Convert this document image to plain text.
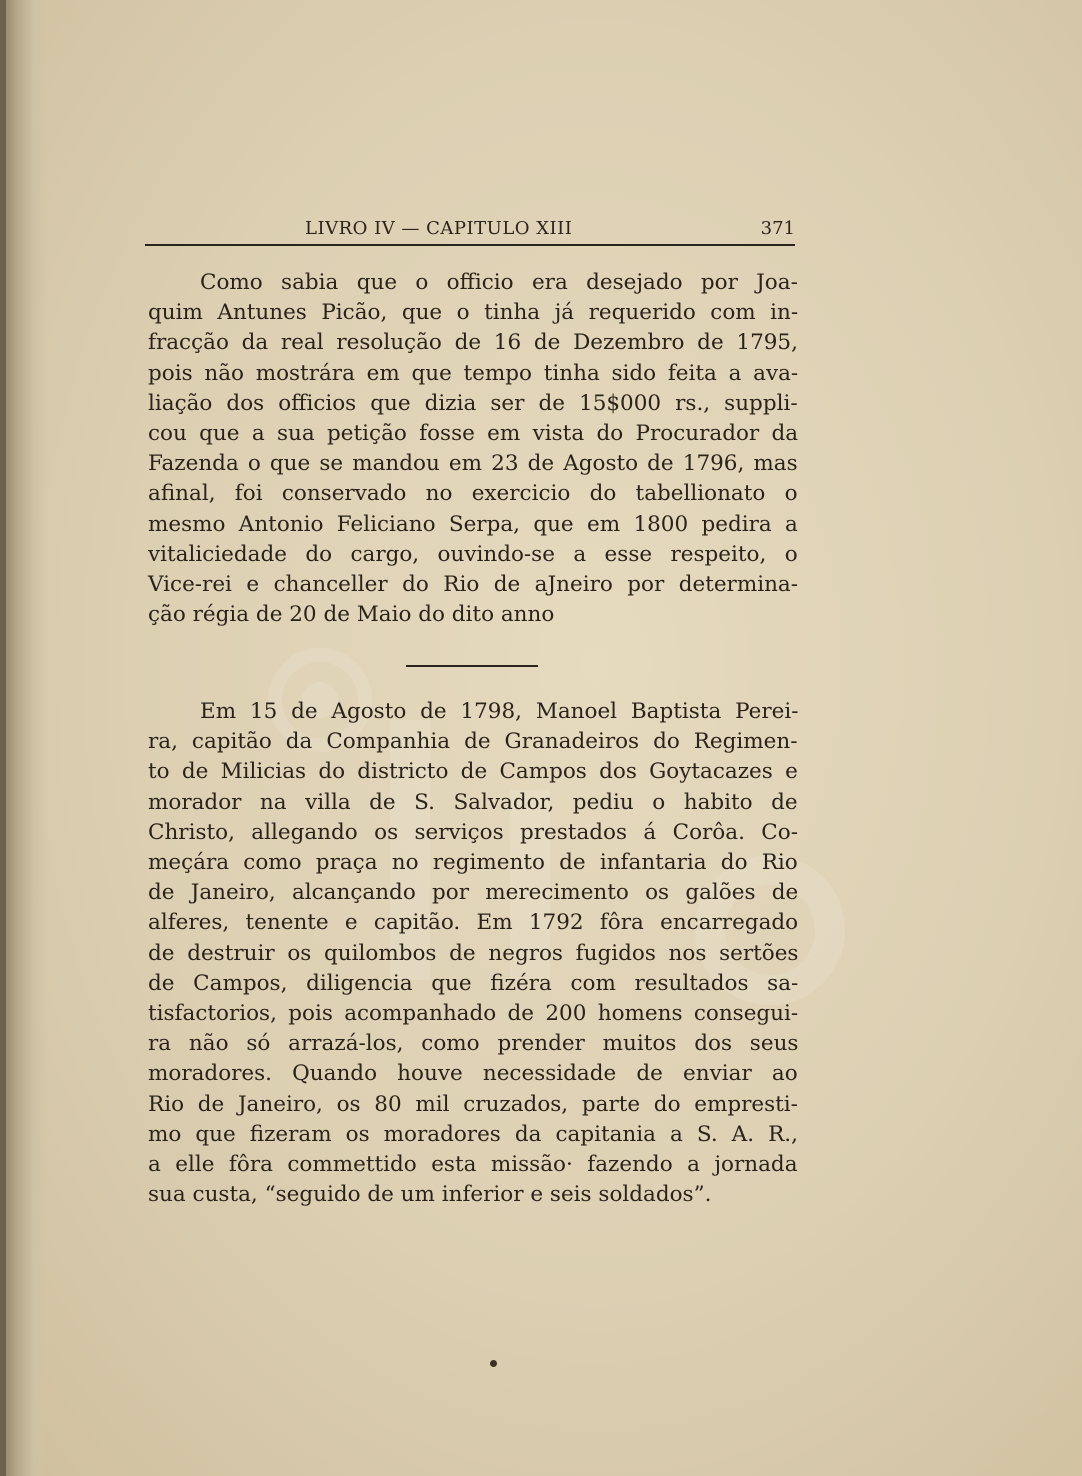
LIVRO IV — CAPITULO XIII	371

Como sabia que o officio era desejado por Joa-
quim Antunes Picão, que o tinha já requerido com in-
fracção da real resolução de 16 de Dezembro de 1795,
pois não mostrára em que tempo tinha sido feita a ava-
liação dos officios que dizia ser de 15$000 rs., suppli-
cou que a sua petição fosse em vista do Procurador da
Fazenda o que se mandou em 23 de Agosto de 1796, mas
afinal, foi conservado no exercicio do tabellionato o
mesmo Antonio Feliciano Serpa, que em 1800 pedira a
vitaliciedade do cargo, ouvindo-se a esse respeito, o
Vice-rei e chanceller do Rio de aJneiro por determina-
ção régia de 20 de Maio do dito anno

Em 15 de Agosto de 1798, Manoel Baptista Perei-
ra, capitão da Companhia de Granadeiros do Regimen-
to de Milicias do districto de Campos dos Goytacazes e
morador na villa de S. Salvador, pediu o habito de
Christo, allegando os serviços prestados á Corôa. Co-
meçára como praça no regimento de infantaria do Rio
de Janeiro, alcançando por merecimento os galões de
alferes, tenente e capitão. Em 1792 fôra encarregado
de destruir os quilombos de negros fugidos nos sertões
de Campos, diligencia que fizéra com resultados sa-
tisfactorios, pois acompanhado de 200 homens consegui-
ra não só arrazá-los, como prender muitos dos seus
moradores. Quando houve necessidade de enviar ao
Rio de Janeiro, os 80 mil cruzados, parte do empresti-
mo que fizeram os moradores da capitania a S. A. R.,
a elle fôra commettido esta missão· fazendo a jornada
sua custa, “seguido de um inferior e seis soldados”.
